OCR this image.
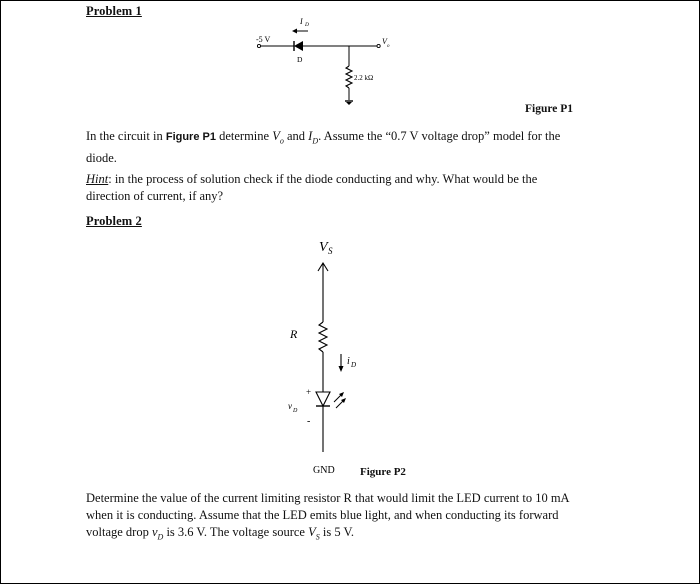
Problem 1
I D
-5 V	V
o
D
2.2 kΩ
Figure P1
In the circuit in Figure P1 determine $V_o$ and $I_D$. Assume the “0.7 V voltage drop” model for the
diode.
Hint: in the process of solution check if the diode conducting and why. What would be the
direction of current, if any?
Problem 2
V S
R
i D
+
v D
-
GND Figure P2
Determine the value of the current limiting resistor R that would limit the LED current to 10 mA
when it is conducting. Assume that the LED emits blue light, and when conducting its forward
voltage drop $v_D$ is 3.6 V. The voltage source $V_S$ is 5 V.
